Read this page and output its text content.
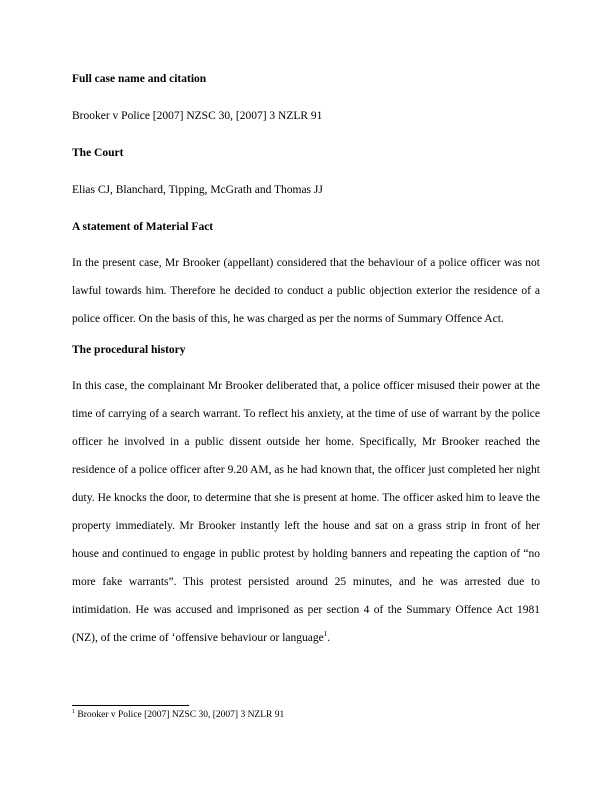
Full case name and citation

Brooker v Police [2007] NZSC 30, [2007] 3 NZLR 91

The Court

Elias CJ, Blanchard, Tipping, McGrath and Thomas JJ

A statement of Material Fact

In the present case, Mr Brooker (appellant) considered that the behaviour of a police officer was not lawful towards him. Therefore he decided to conduct a public objection exterior the residence of a police officer. On the basis of this, he was charged as per the norms of Summary Offence Act.

The procedural history

In this case, the complainant Mr Brooker deliberated that, a police officer misused their power at the time of carrying of a search warrant. To reflect his anxiety, at the time of use of warrant by the police officer he involved in a public dissent outside her home. Specifically, Mr Brooker reached the residence of a police officer after 9.20 AM, as he had known that, the officer just completed her night duty. He knocks the door, to determine that she is present at home. The officer asked him to leave the property immediately. Mr Brooker instantly left the house and sat on a grass strip in front of her house and continued to engage in public protest by holding banners and repeating the caption of “no more fake warrants”. This protest persisted around 25 minutes, and he was arrested due to intimidation. He was accused and imprisoned as per section 4 of the Summary Offence Act 1981 (NZ), of the crime of ‘offensive behaviour or language$^1$.

$^1$ Brooker v Police [2007] NZSC 30, [2007] 3 NZLR 91
